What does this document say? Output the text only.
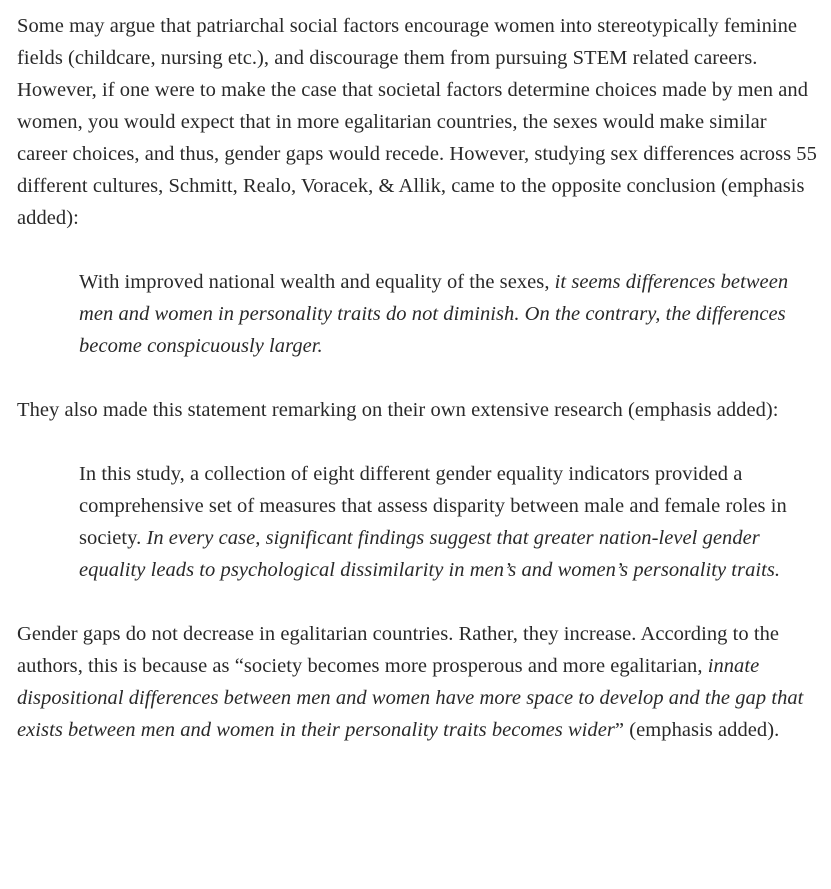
Some may argue that patriarchal social factors encourage women into stereotypically feminine fields (childcare, nursing etc.), and discourage them from pursuing STEM related careers. However, if one were to make the case that societal factors determine choices made by men and women, you would expect that in more egalitarian countries, the sexes would make similar career choices, and thus, gender gaps would recede. However, studying sex differences across 55 different cultures, Schmitt, Realo, Voracek, & Allik, came to the opposite conclusion (emphasis added):

With improved national wealth and equality of the sexes, it seems differences between men and women in personality traits do not diminish. On the contrary, the differences become conspicuously larger.

They also made this statement remarking on their own extensive research (emphasis added):

In this study, a collection of eight different gender equality indicators provided a comprehensive set of measures that assess disparity between male and female roles in society. In every case, significant findings suggest that greater nation-level gender equality leads to psychological dissimilarity in men’s and women’s personality traits.

Gender gaps do not decrease in egalitarian countries. Rather, they increase. According to the authors, this is because as “society becomes more prosperous and more egalitarian, innate dispositional differences between men and women have more space to develop and the gap that exists between men and women in their personality traits becomes wider” (emphasis added).
